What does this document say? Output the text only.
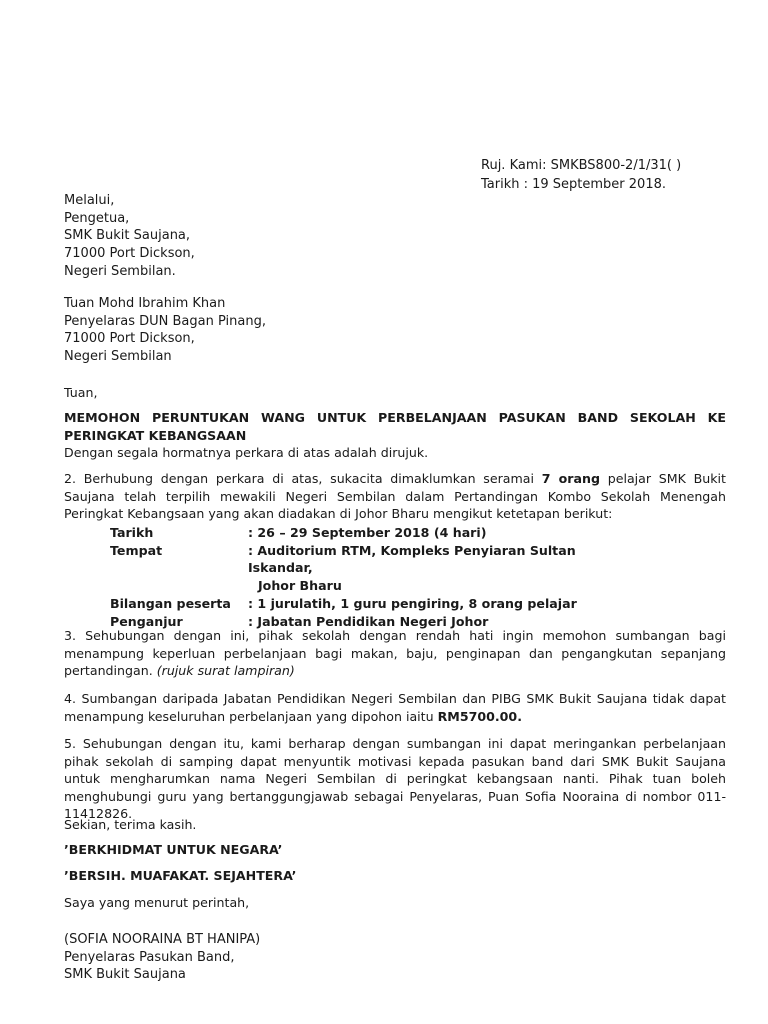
Ruj. Kami: SMKBS800-2/1/31( )
Tarikh : 19 September 2018.
Melalui,
Pengetua,
SMK Bukit Saujana,
71000 Port Dickson,
Negeri Sembilan.
Tuan Mohd Ibrahim Khan
Penyelaras DUN Bagan Pinang,
71000 Port Dickson,
Negeri Sembilan
Tuan,
MEMOHON PERUNTUKAN WANG UNTUK PERBELANJAAN PASUKAN BAND SEKOLAH KE PERINGKAT KEBANGSAAN
Dengan segala hormatnya perkara di atas adalah dirujuk.
2. Berhubung dengan perkara di atas, sukacita dimaklumkan seramai 7 orang pelajar SMK Bukit Saujana telah terpilih mewakili Negeri Sembilan dalam Pertandingan Kombo Sekolah Menengah Peringkat Kebangsaan yang akan diadakan di Johor Bharu mengikut ketetapan berikut:
Tarikh	: 26 – 29 September 2018 (4 hari)
Tempat	: Auditorium RTM, Kompleks Penyiaran Sultan Iskandar,
Johor Bharu
Bilangan peserta	: 1 jurulatih, 1 guru pengiring, 8 orang pelajar
Penganjur	: Jabatan Pendidikan Negeri Johor
3. Sehubungan dengan ini, pihak sekolah dengan rendah hati ingin memohon sumbangan bagi menampung keperluan perbelanjaan bagi makan, baju, penginapan dan pengangkutan sepanjang pertandingan. (rujuk surat lampiran)
4. Sumbangan daripada Jabatan Pendidikan Negeri Sembilan dan PIBG SMK Bukit Saujana tidak dapat menampung keseluruhan perbelanjaan yang dipohon iaitu RM5700.00.
5. Sehubungan dengan itu, kami berharap dengan sumbangan ini dapat meringankan perbelanjaan pihak sekolah di samping dapat menyuntik motivasi kepada pasukan band dari SMK Bukit Saujana untuk mengharumkan nama Negeri Sembilan di peringkat kebangsaan nanti. Pihak tuan boleh menghubungi guru yang bertanggungjawab sebagai Penyelaras, Puan Sofia Nooraina di nombor 011-11412826.
Sekian, terima kasih.
’BERKHIDMAT UNTUK NEGARA’
’BERSIH. MUAFAKAT. SEJAHTERA’
Saya yang menurut perintah,
(SOFIA NOORAINA BT HANIPA)
Penyelaras Pasukan Band,
SMK Bukit Saujana
